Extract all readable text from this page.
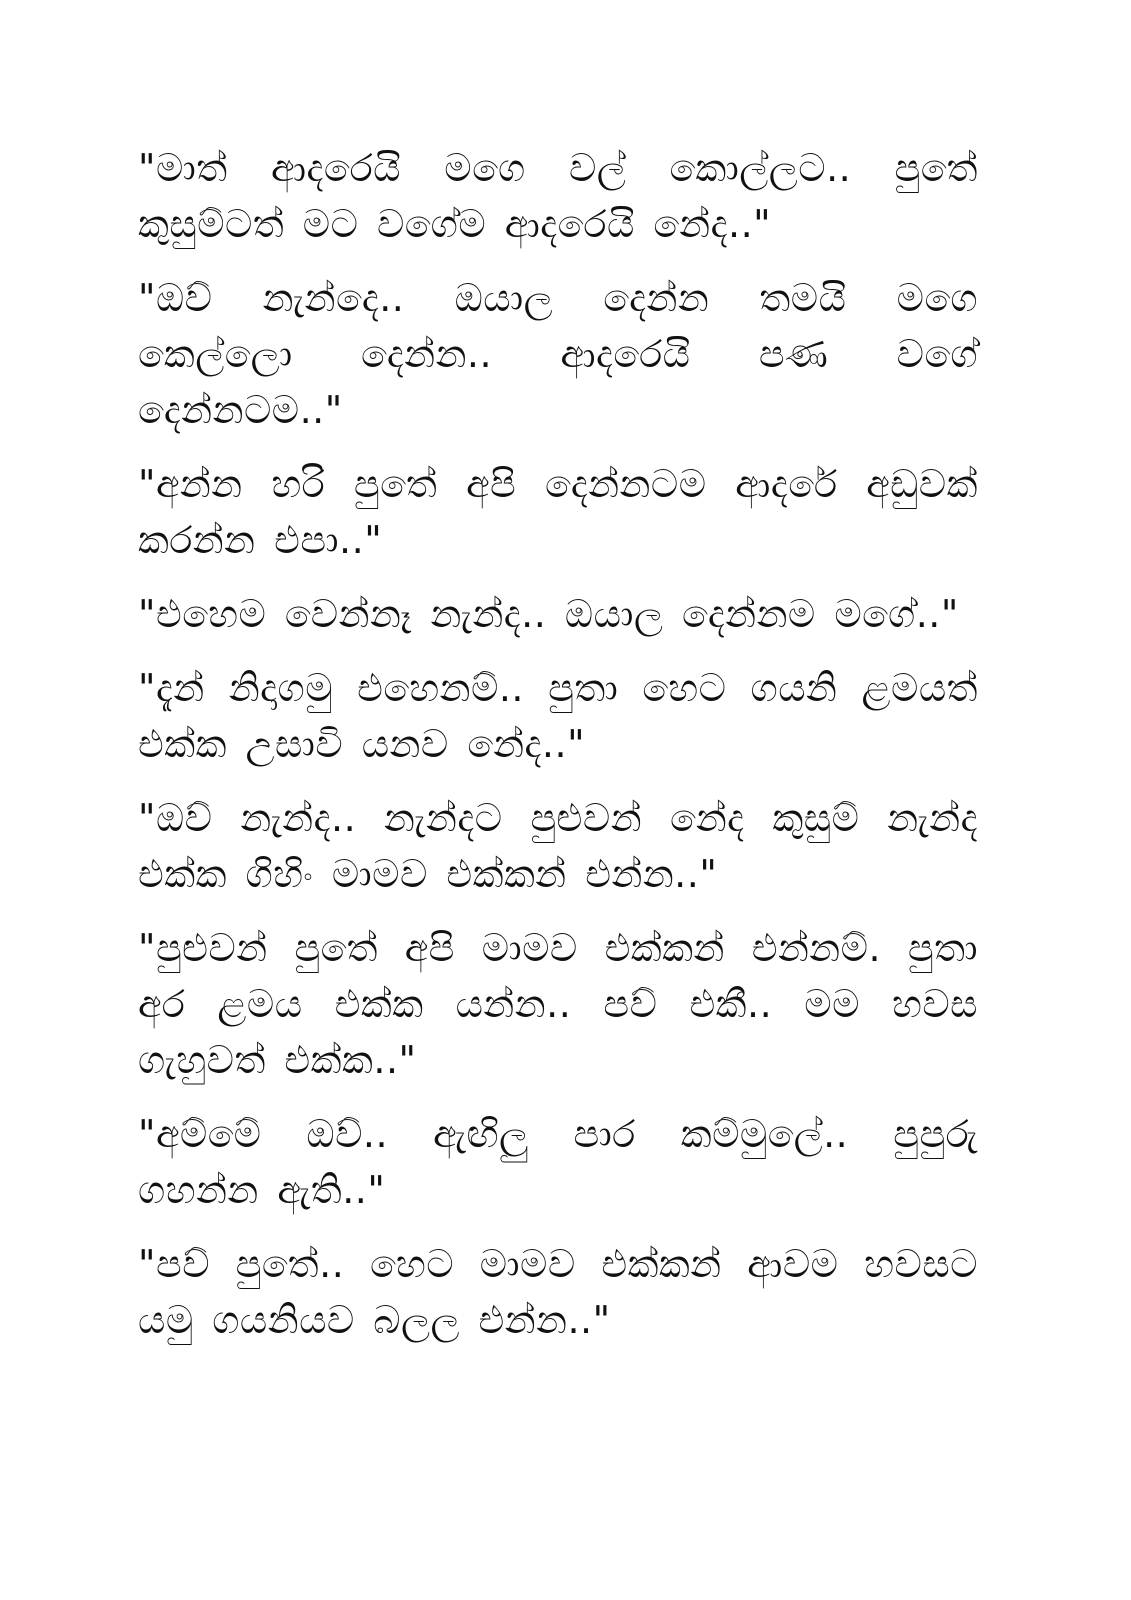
"මාත් ආදරෙයි මගෙ වල් කොල්ලට.. පුතේ කුසුම්ටත් මට වගේම ආදරෙයි නේද.."

"ඔව් නැන්දෙ.. ඔයාල දෙන්න තමයි මගෙ කෙල්ලො දෙන්න.. ආදරෙයි පණ වගේ දෙන්නටම.."

"අන්න හරි පුතේ අපි දෙන්නටම ආදරේ අඩුවක් කරන්න එපා.."

"එහෙම වෙන්නෑ නැන්ද.. ඔයාල දෙන්නම මගේ.."

"දැන් නිදාගමු එහෙනම්.. පුතා හෙට ගයනි ළමයත් එක්ක උසාවි යනව නේද.."

"ඔව් නැන්ද.. නැන්දට පුළුවන් නේද කුසුම් නැන්ද එක්ක ගිහිං මාමව එක්කන් එන්න.."

"පුළුවන් පුතේ අපි මාමව එක්කන් එන්නම්. පුතා අර ළමය එක්ක යන්න.. පව් එකී.. මම හවස ගැහුවත් එක්ක.."

"අම්මේ ඔව්.. ඇඟිලු පාර කම්මුලේ.. පුපුරු ගහන්න ඇති.."

"පව් පුතේ.. හෙට මාමව එක්කන් ආවම හවසට යමු ගයනියව බලල එන්න.."
